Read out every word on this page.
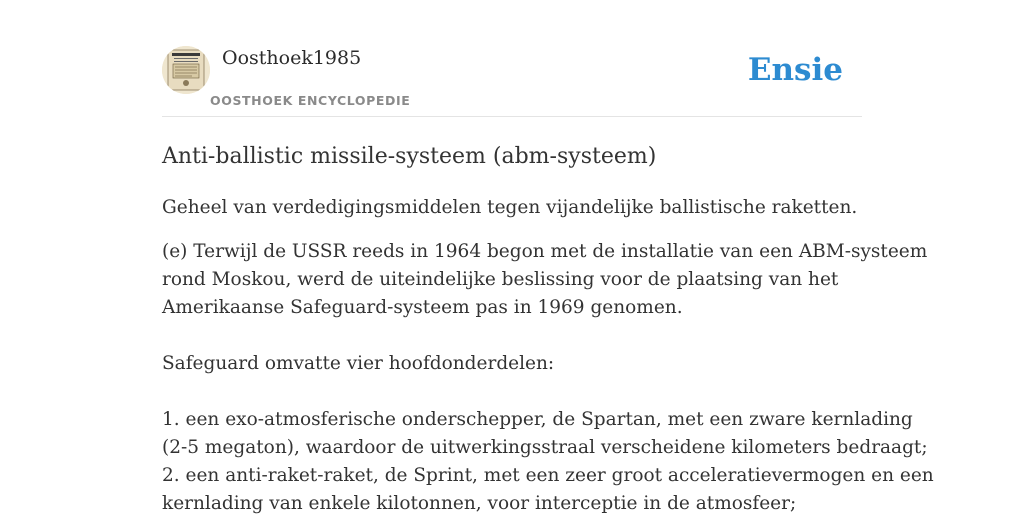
Oosthoek1985
OOSTHOEK ENCYCLOPEDIE
Ensie
Anti-ballistic missile-systeem (abm-systeem)

Geheel van verdedigingsmiddelen tegen vijandelijke ballistische raketten.

(e) Terwijl de USSR reeds in 1964 begon met de installatie van een ABM-systeem
rond Moskou, werd de uiteindelijke beslissing voor de plaatsing van het
Amerikaanse Safeguard-systeem pas in 1969 genomen.
Safeguard omvatte vier hoofdonderdelen:
1. een exo-atmosferische onderschepper, de Spartan, met een zware kernlading
(2-5 megaton), waardoor de uitwerkingsstraal verscheidene kilometers bedraagt;
2. een anti-raket-raket, de Sprint, met een zeer groot acceleratievermogen en een
kernlading van enkele kilotonnen, voor interceptie in de atmosfeer;
